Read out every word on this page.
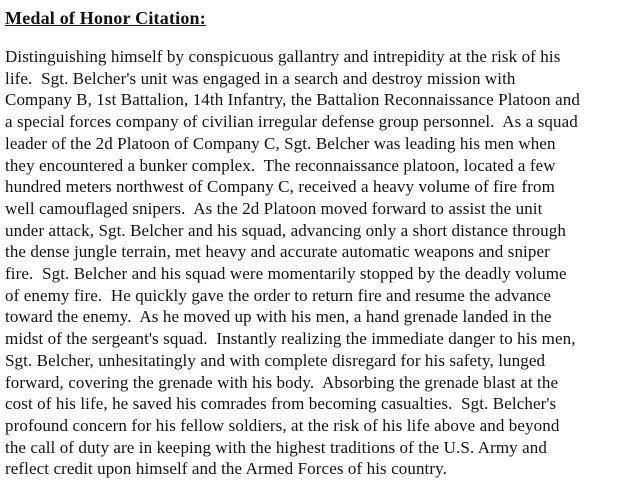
Medal of Honor Citation:
Distinguishing himself by conspicuous gallantry and intrepidity at the risk of his
life.  Sgt. Belcher's unit was engaged in a search and destroy mission with
Company B, 1st Battalion, 14th Infantry, the Battalion Reconnaissance Platoon and
a special forces company of civilian irregular defense group personnel.  As a squad
leader of the 2d Platoon of Company C, Sgt. Belcher was leading his men when
they encountered a bunker complex.  The reconnaissance platoon, located a few
hundred meters northwest of Company C, received a heavy volume of fire from
well camouflaged snipers.  As the 2d Platoon moved forward to assist the unit
under attack, Sgt. Belcher and his squad, advancing only a short distance through
the dense jungle terrain, met heavy and accurate automatic weapons and sniper
fire.  Sgt. Belcher and his squad were momentarily stopped by the deadly volume
of enemy fire.  He quickly gave the order to return fire and resume the advance
toward the enemy.  As he moved up with his men, a hand grenade landed in the
midst of the sergeant's squad.  Instantly realizing the immediate danger to his men,
Sgt. Belcher, unhesitatingly and with complete disregard for his safety, lunged
forward, covering the grenade with his body.  Absorbing the grenade blast at the
cost of his life, he saved his comrades from becoming casualties.  Sgt. Belcher's
profound concern for his fellow soldiers, at the risk of his life above and beyond
the call of duty are in keeping with the highest traditions of the U.S. Army and
reflect credit upon himself and the Armed Forces of his country.
